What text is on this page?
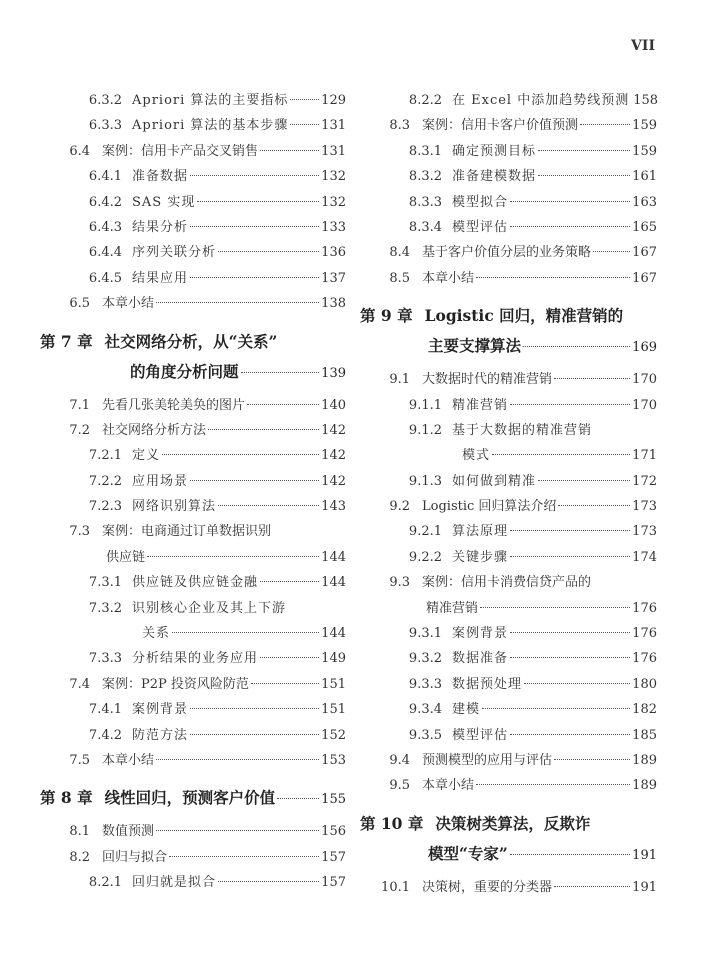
VII
6.3.2 Apriori 算法的主要指标	129
6.3.3 Apriori 算法的基本步骤	131
6.4 案例：信用卡产品交叉销售	131
6.4.1 准备数据	132
6.4.2 SAS 实现	132
6.4.3 结果分析	133
6.4.4 序列关联分析	136
6.4.5 结果应用	137
6.5 本章小结	138
第 7 章 社交网络分析，从“关系”
的角度分析问题	139
7.1 先看几张美轮美奂的图片	140
7.2 社交网络分析方法	142
7.2.1 定义	142
7.2.2 应用场景	142
7.2.3 网络识别算法	143
7.3 案例：电商通过订单数据识别
供应链	144
7.3.1 供应链及供应链金融	144
7.3.2 识别核心企业及其上下游
关系	144
7.3.3 分析结果的业务应用	149
7.4 案例：P2P 投资风险防范	151
7.4.1 案例背景	151
7.4.2 防范方法	152
7.5 本章小结	153
第 8 章 线性回归，预测客户价值	155
8.1 数值预测	156
8.2 回归与拟合	157
8.2.1 回归就是拟合	157
8.2.2 在 Excel 中添加趋势线预测 158
8.3 案例：信用卡客户价值预测	159
8.3.1 确定预测目标	159
8.3.2 准备建模数据	161
8.3.3 模型拟合	163
8.3.4 模型评估	165
8.4 基于客户价值分层的业务策略	167
8.5 本章小结	167
第 9 章 Logistic 回归，精准营销的
主要支撑算法	169
9.1 大数据时代的精准营销	170
9.1.1 精准营销	170
9.1.2 基于大数据的精准营销
模式	171
9.1.3 如何做到精准	172
9.2 Logistic 回归算法介绍	173
9.2.1 算法原理	173
9.2.2 关键步骤	174
9.3 案例：信用卡消费信贷产品的
精准营销	176
9.3.1 案例背景	176
9.3.2 数据准备	176
9.3.3 数据预处理	180
9.3.4 建模	182
9.3.5 模型评估	185
9.4 预测模型的应用与评估	189
9.5 本章小结	189
第 10 章 决策树类算法，反欺诈
模型“专家”	191
10.1 决策树，重要的分类器	191
